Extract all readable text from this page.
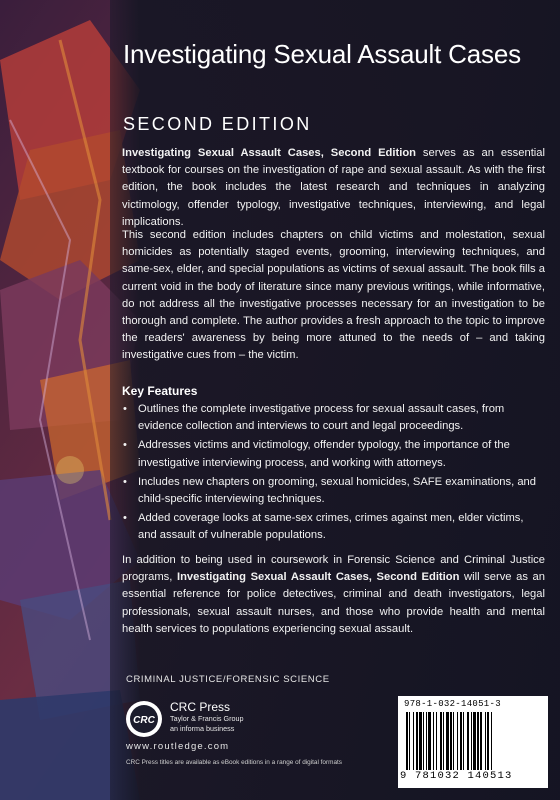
Investigating Sexual Assault Cases

SECOND EDITION

Investigating Sexual Assault Cases, Second Edition serves as an essential textbook for courses on the investigation of rape and sexual assault. As with the first edition, the book includes the latest research and techniques in analyzing victimology, offender typology, investigative techniques, interviewing, and legal implications.

This second edition includes chapters on child victims and molestation, sexual homicides as potentially staged events, grooming, interviewing techniques, and same-sex, elder, and special populations as victims of sexual assault. The book fills a current void in the body of literature since many previous writings, while informative, do not address all the investigative processes necessary for an investigation to be thorough and complete. The author provides a fresh approach to the topic to improve the readers' awareness by being more attuned to the needs of – and taking investigative cues from – the victim.

Key Features

• Outlines the complete investigative process for sexual assault cases, from evidence collection and interviews to court and legal proceedings.
• Addresses victims and victimology, offender typology, the importance of the investigative interviewing process, and working with attorneys.
• Includes new chapters on grooming, sexual homicides, SAFE examinations, and child-specific interviewing techniques.
• Added coverage looks at same-sex crimes, crimes against men, elder victims, and assault of vulnerable populations.

In addition to being used in coursework in Forensic Science and Criminal Justice programs, Investigating Sexual Assault Cases, Second Edition will serve as an essential reference for police detectives, criminal and death investigators, legal professionals, sexual assault nurses, and those who provide health and mental health services to populations experiencing sexual assault.

CRIMINAL JUSTICE/FORENSIC SCIENCE

CRC
CRC Press
Taylor & Francis Group
an informa business

www.routledge.com

CRC Press titles are available as eBook editions in a range of digital formats

978-1-032-14051-3
9 781032 140513
